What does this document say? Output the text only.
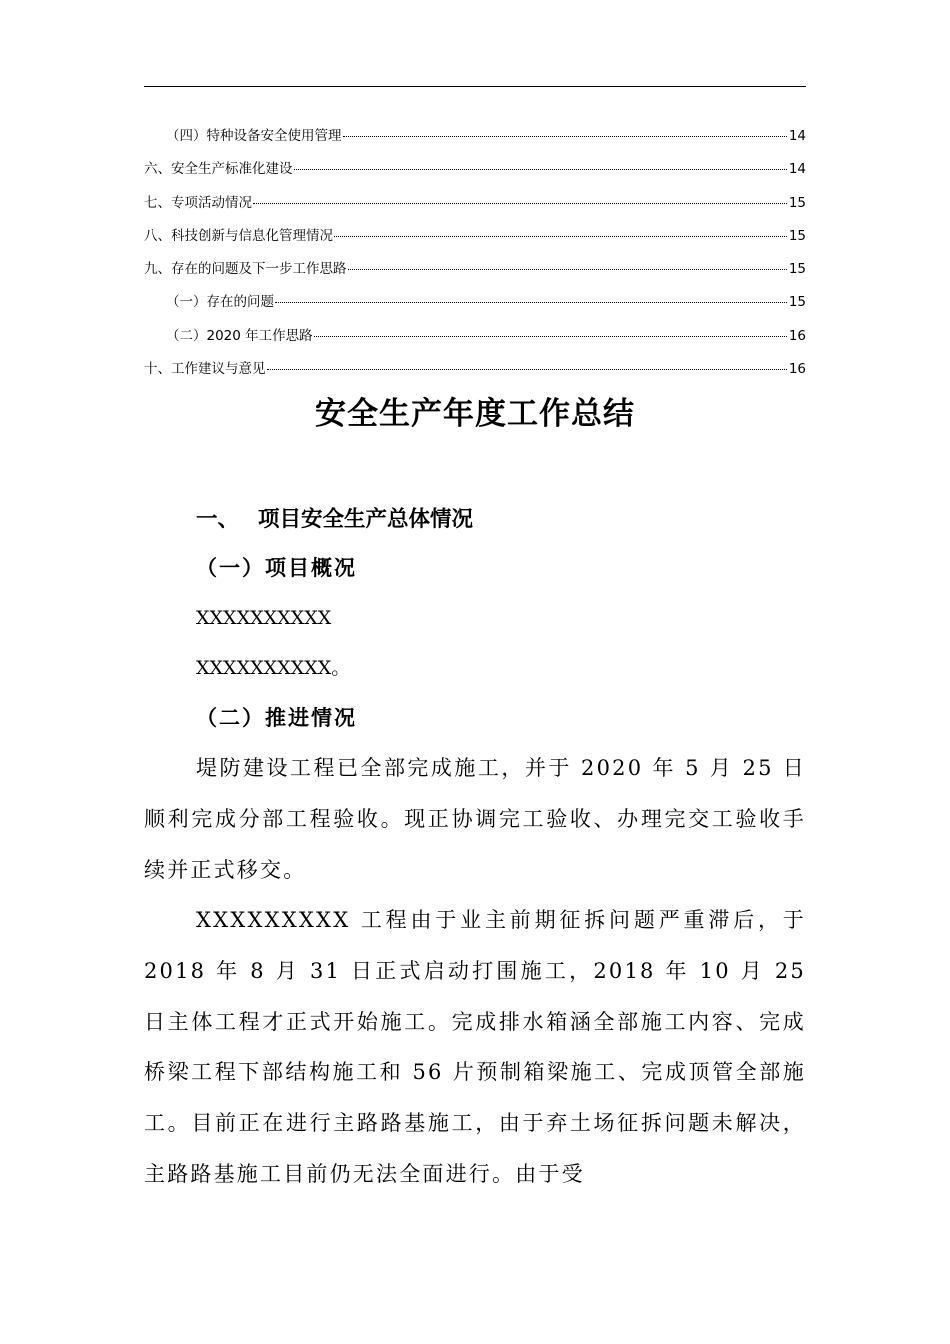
（四）特种设备安全使用管理	14
六、安全生产标准化建设	14
七、专项活动情况	15
八、科技创新与信息化管理情况	15
九、存在的问题及下一步工作思路	15
（一）存在的问题	15
（二）2020 年工作思路	16
十、工作建议与意见	16
安全生产年度工作总结
一、 项目安全生产总体情况
（一）项目概况

XXXXXXXXXX

XXXXXXXXXX。

（二）推进情况

堤防建设工程已全部完成施工，并于 2020 年 5 月 25 日顺利完成分部工程验收。现正协调完工验收、办理完交工验收手续并正式移交。

XXXXXXXXX 工程由于业主前期征拆问题严重滞后，于 2018 年 8 月 31 日正式启动打围施工，2018 年 10 月 25 日主体工程才正式开始施工。完成排水箱涵全部施工内容、完成桥梁工程下部结构施工和 56 片预制箱梁施工、完成顶管全部施工。目前正在进行主路路基施工，由于弃土场征拆问题未解决，主路路基施工目前仍无法全面进行。由于受
